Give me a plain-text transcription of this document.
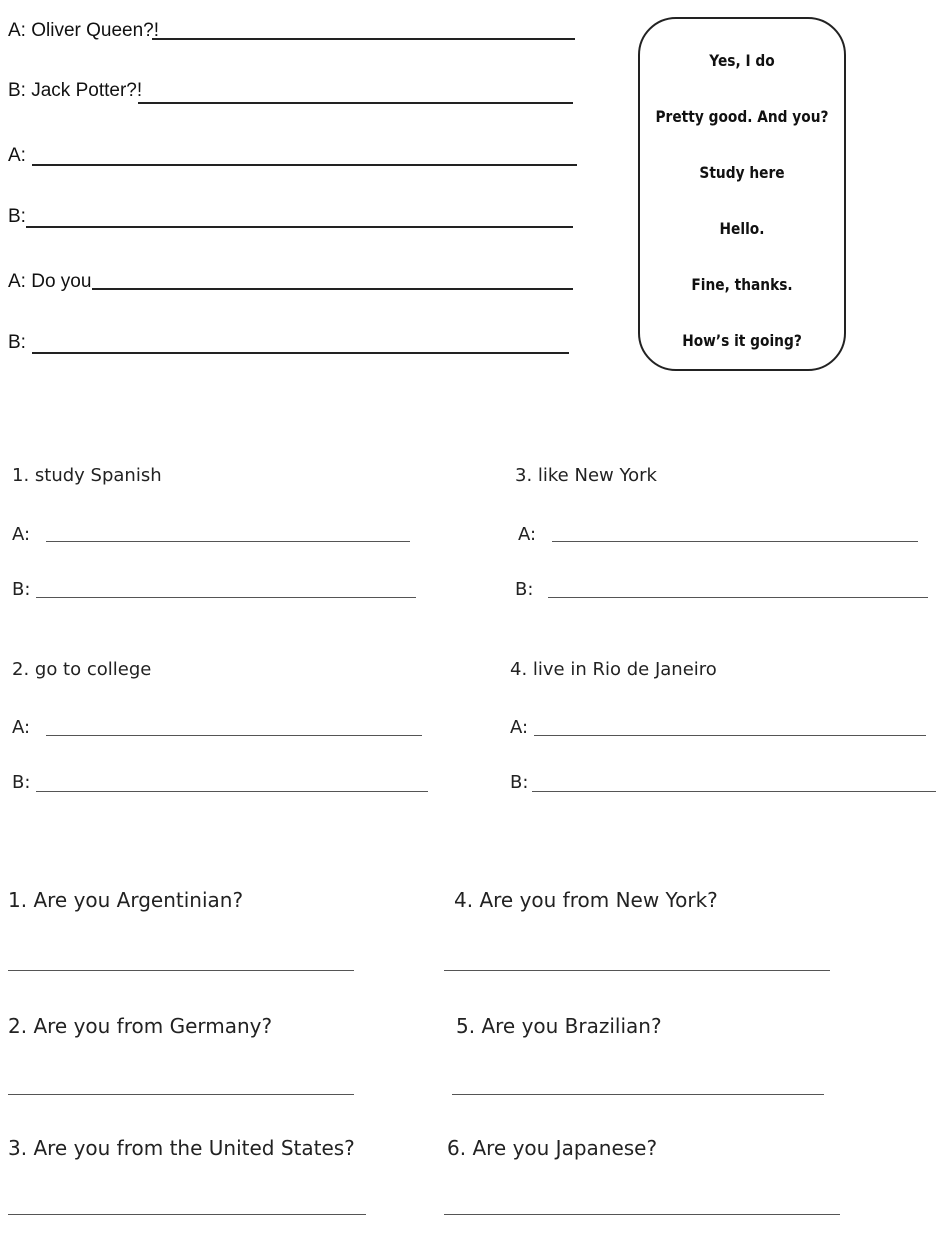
A: Oliver Queen?!
B: Jack Potter?!
A:
B:
A: Do you
B:
Yes, I do
Pretty good. And you?
Study here
Hello.
Fine, thanks.
How’s it going?
1. study Spanish
A:
B:
2. go to college
A:
B:
3. like New York
A:
B:
4. live in Rio de Janeiro
A:
B:
1. Are you Argentinian?
2. Are you from Germany?
3. Are you from the United States?
4. Are you from New York?
5. Are you Brazilian?
6. Are you Japanese?
